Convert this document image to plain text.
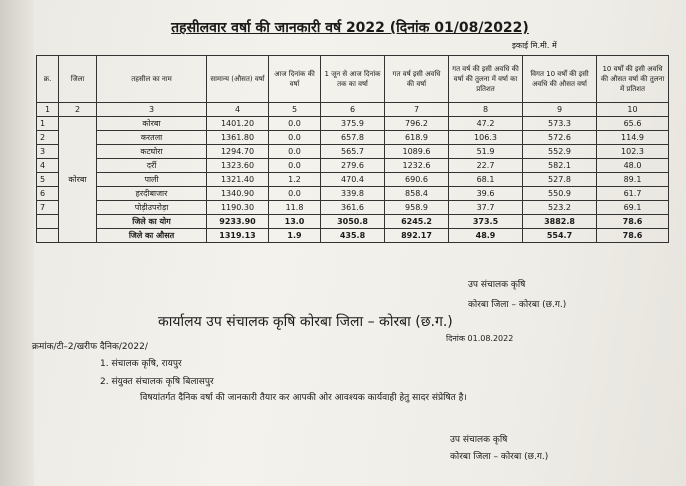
तहसीलवार वर्षा की जानकारी वर्ष 2022 (दिनांक 01/08/2022)
इकाई मि.मी. में
क्र.	जिला	तहसील का नाम	सामान्य (औसत) वर्षा	आज दिनांक की वर्षा	1 जून से आज दिनांक तक का वर्षा	गत वर्ष इसी अवधि की वर्षा	गत वर्ष की इसी अवधि की वर्षा की तुलना में वर्षा का प्रतिशत	विगत 10 वर्षों की इसी अवधि की औसत वर्षा	10 वर्षों की इसी अवधि की औसत वर्षा की तुलना में प्रतिशत
1	2	3	4	5	6	7	8	9	10
1	कोरबा	कोरबा	1401.20	0.0	375.9	796.2	47.2	573.3	65.6
2		करतला	1361.80	0.0	657.8	618.9	106.3	572.6	114.9
3		कटघोरा	1294.70	0.0	565.7	1089.6	51.9	552.9	102.3
4		दर्री	1323.60	0.0	279.6	1232.6	22.7	582.1	48.0
5		पाली	1321.40	1.2	470.4	690.6	68.1	527.8	89.1
6		हरदीबाजार	1340.90	0.0	339.8	858.4	39.6	550.9	61.7
7		पोड़ीउपरोड़ा	1190.30	11.8	361.6	958.9	37.7	523.2	69.1
		जिले का योग	9233.90	13.0	3050.8	6245.2	373.5	3882.8	78.6
		जिले का औसत	1319.13	1.9	435.8	892.17	48.9	554.7	78.6
उप संचालक कृषि
कोरबा जिला – कोरबा (छ.ग.)
कार्यालय उप संचालक कृषि कोरबा जिला – कोरबा (छ.ग.)
क्रमांक/टी–2/खरीफ दैनिक/2022/
दिनांक 01.08.2022
1. संचालक कृषि, रायपुर
2. संयुक्त संचालक कृषि बिलासपुर
विषयांतर्गत दैनिक वर्षा की जानकारी तैयार कर आपकी ओर आवश्यक कार्यवाही हेतु सादर संप्रेषित है।
उप संचालक कृषि
कोरबा जिला – कोरबा (छ.ग.)
